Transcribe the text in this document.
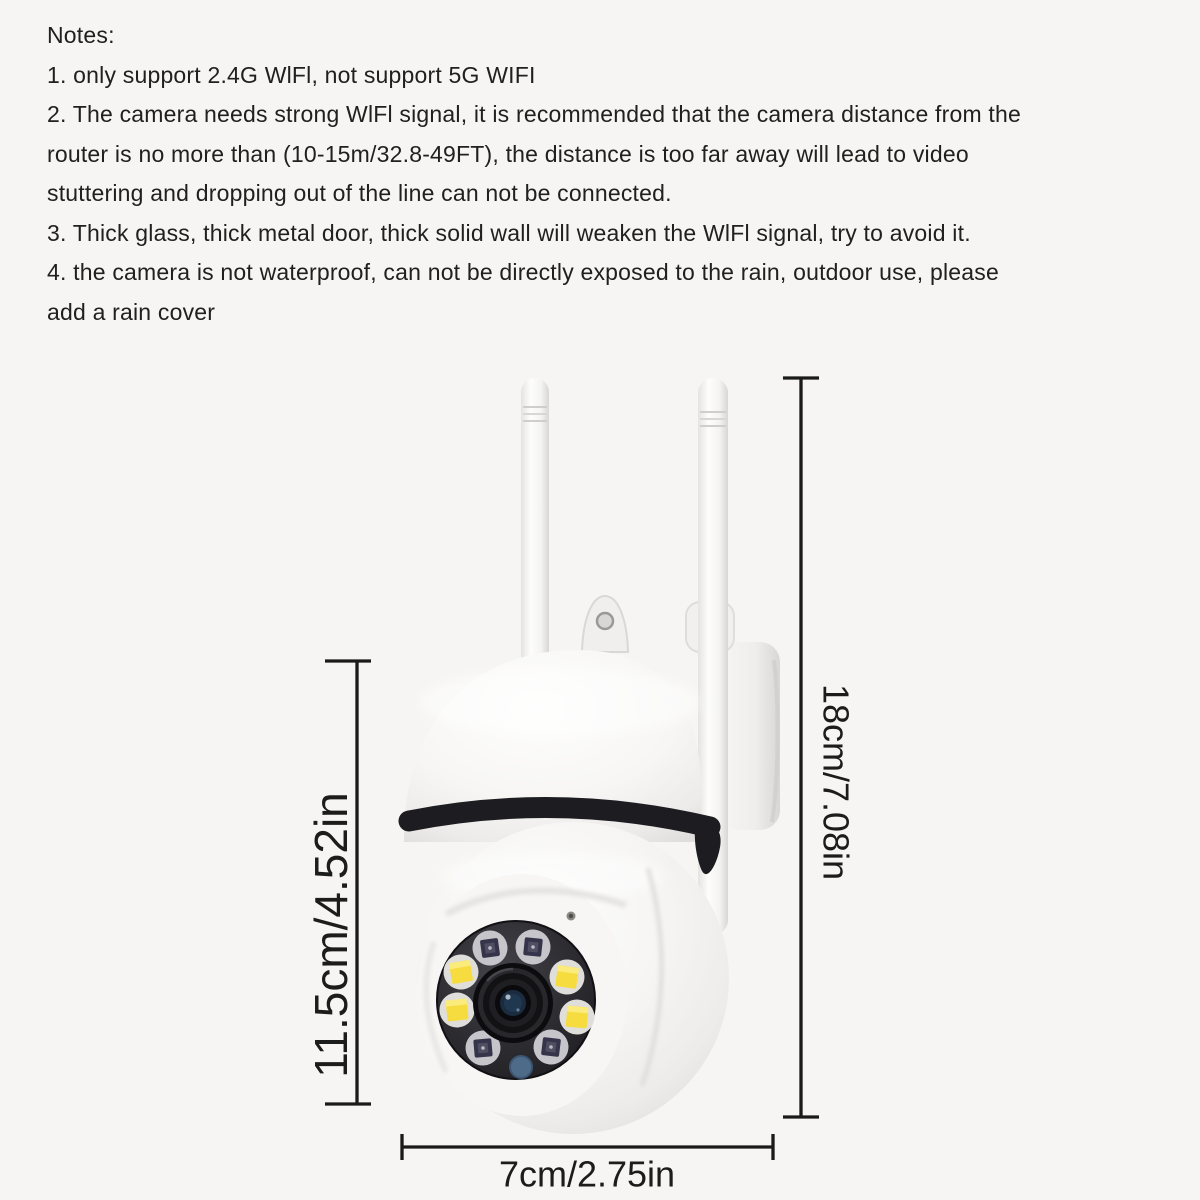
Notes:
1. only support 2.4G WlFl, not support 5G WIFI
2. The camera needs strong WlFl signal, it is recommended that the camera distance from the
router is no more than (10-15m/32.8-49FT), the distance is too far away will lead to video
stuttering and dropping out of the line can not be connected.
3. Thick glass, thick metal door, thick solid wall will weaken the WlFl signal, try to avoid it.
4. the camera is not waterproof, can not be directly exposed to the rain, outdoor use, please
add a rain cover
11.5cm/4.52in
18cm/7.08in
7cm/2.75in
